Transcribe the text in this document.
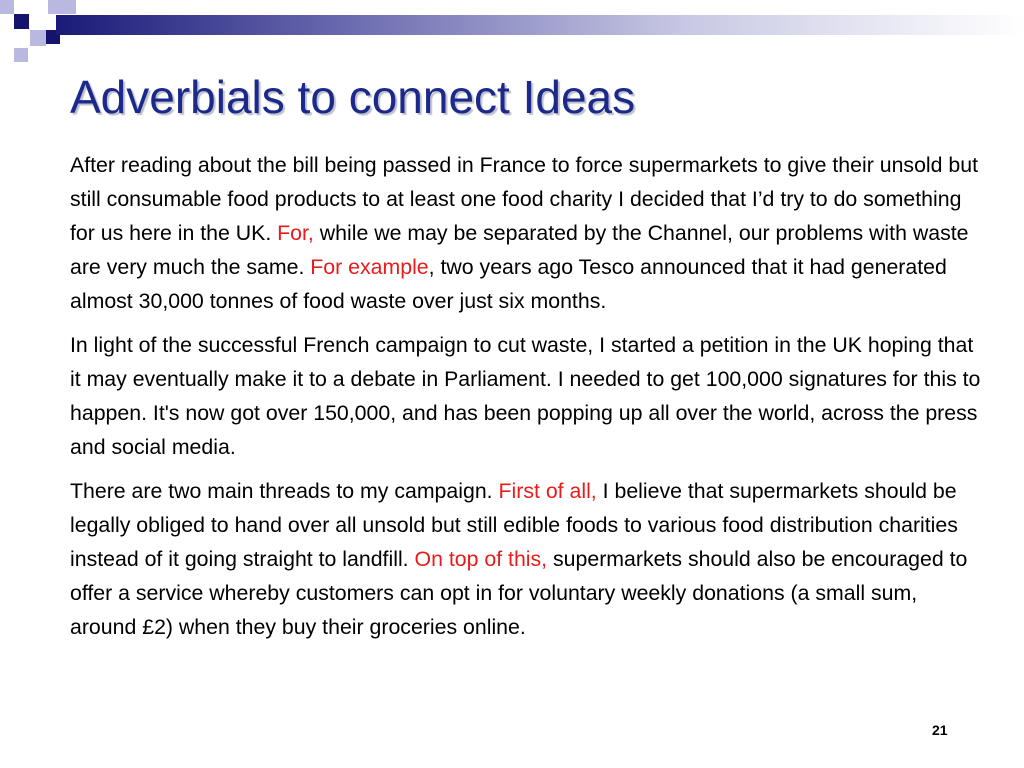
Adverbials to connect Ideas

After reading about the bill being passed in France to force supermarkets to give their unsold but still consumable food products to at least one food charity I decided that I’d try to do something for us here in the UK. For, while we may be separated by the Channel, our problems with waste are very much the same. For example, two years ago Tesco announced that it had generated almost 30,000 tonnes of food waste over just six months.

In light of the successful French campaign to cut waste, I started a petition in the UK hoping that it may eventually make it to a debate in Parliament. I needed to get 100,000 signatures for this to happen. It's now got over 150,000, and has been popping up all over the world, across the press and social media.

There are two main threads to my campaign. First of all, I believe that supermarkets should be legally obliged to hand over all unsold but still edible foods to various food distribution charities instead of it going straight to landfill. On top of this, supermarkets should also be encouraged to offer a service whereby customers can opt in for voluntary weekly donations (a small sum, around £2) when they buy their groceries online.

21
